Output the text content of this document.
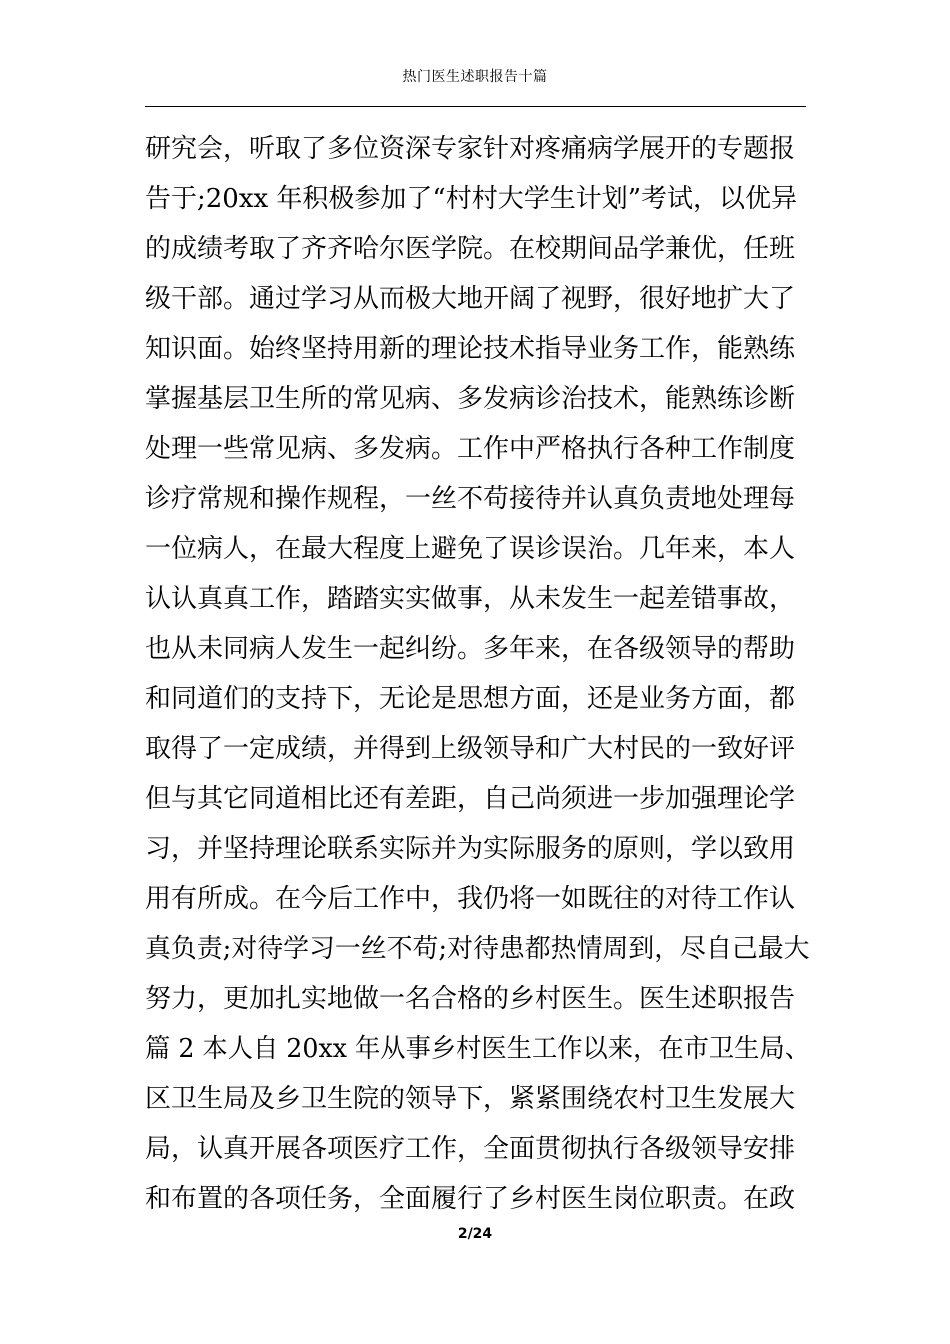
热门医生述职报告十篇
研究会，听取了多位资深专家针对疼痛病学展开的专题报
告于;20xx 年积极参加了“村村大学生计划”考试，以优异
的成绩考取了齐齐哈尔医学院。在校期间品学兼优，任班
级干部。通过学习从而极大地开阔了视野，很好地扩大了
知识面。始终坚持用新的理论技术指导业务工作，能熟练
掌握基层卫生所的常见病、多发病诊治技术，能熟练诊断
处理一些常见病、多发病。工作中严格执行各种工作制度
诊疗常规和操作规程，一丝不苟接待并认真负责地处理每
一位病人，在最大程度上避免了误诊误治。几年来，本人
认认真真工作，踏踏实实做事，从未发生一起差错事故，
也从未同病人发生一起纠纷。多年来，在各级领导的帮助
和同道们的支持下，无论是思想方面，还是业务方面，都
取得了一定成绩，并得到上级领导和广大村民的一致好评
但与其它同道相比还有差距，自己尚须进一步加强理论学
习，并坚持理论联系实际并为实际服务的原则，学以致用
用有所成。在今后工作中，我仍将一如既往的对待工作认
真负责;对待学习一丝不苟;对待患都热情周到，尽自己最大
努力，更加扎实地做一名合格的乡村医生。医生述职报告
篇 2 本人自 20xx 年从事乡村医生工作以来，在市卫生局、
区卫生局及乡卫生院的领导下，紧紧围绕农村卫生发展大
局，认真开展各项医疗工作，全面贯彻执行各级领导安排
和布置的各项任务，全面履行了乡村医生岗位职责。在政
2/24
